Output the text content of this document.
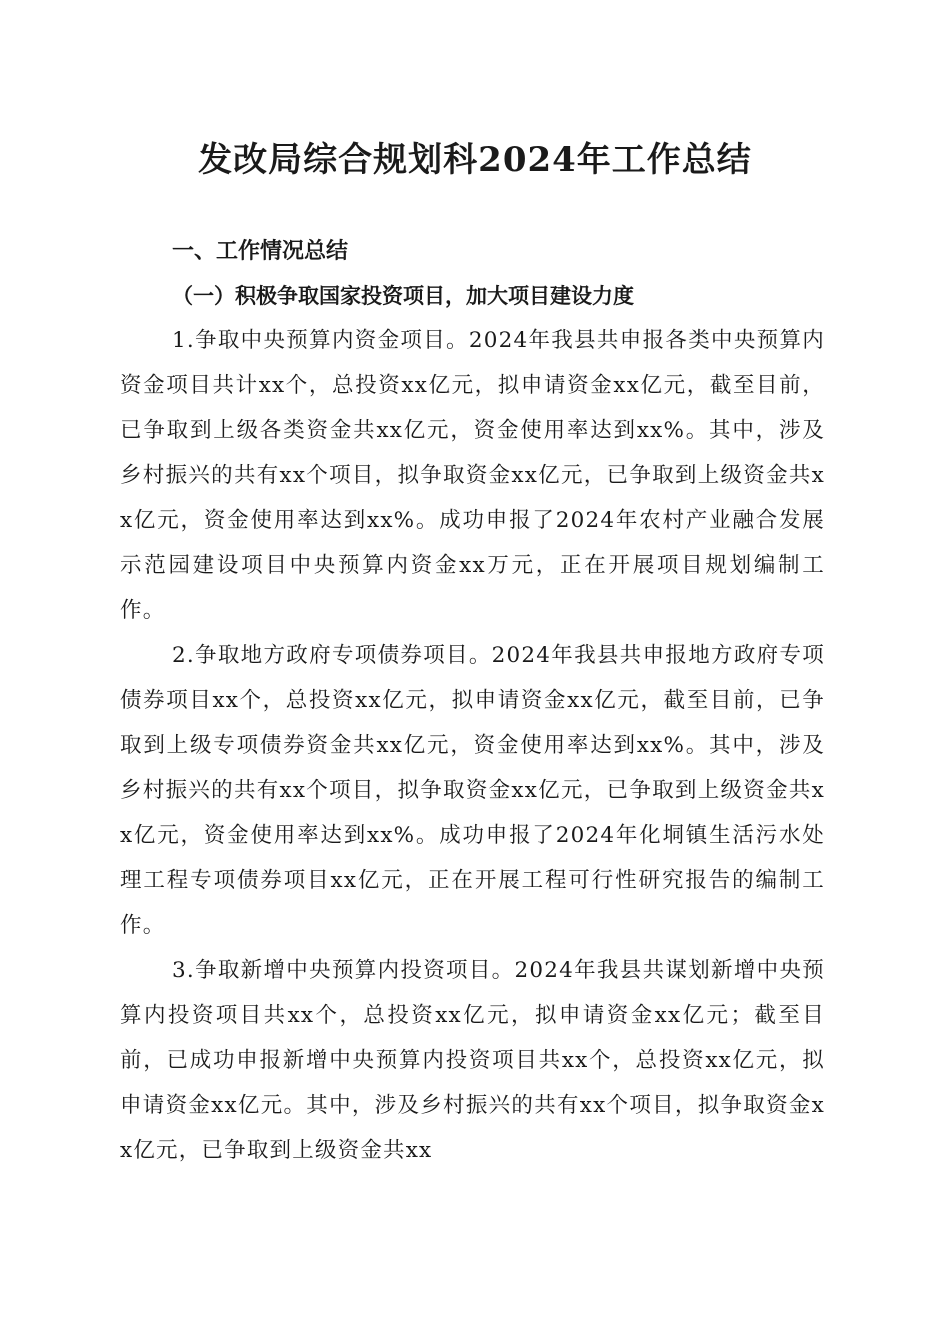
发改局综合规划科2024年工作总结

一、工作情况总结

（一）积极争取国家投资项目，加大项目建设力度

1.争取中央预算内资金项目。2024年我县共申报各类中央预算内资金项目共计xx个，总投资xx亿元，拟申请资金xx亿元，截至目前，已争取到上级各类资金共xx亿元，资金使用率达到xx%。其中，涉及乡村振兴的共有xx个项目，拟争取资金xx亿元，已争取到上级资金共xx亿元，资金使用率达到xx%。成功申报了2024年农村产业融合发展示范园建设项目中央预算内资金xx万元，正在开展项目规划编制工作。

2.争取地方政府专项债券项目。2024年我县共申报地方政府专项债券项目xx个，总投资xx亿元，拟申请资金xx亿元，截至目前，已争取到上级专项债券资金共xx亿元，资金使用率达到xx%。其中，涉及乡村振兴的共有xx个项目，拟争取资金xx亿元，已争取到上级资金共xx亿元，资金使用率达到xx%。成功申报了2024年化垌镇生活污水处理工程专项债券项目xx亿元，正在开展工程可行性研究报告的编制工作。

3.争取新增中央预算内投资项目。2024年我县共谋划新增中央预算内投资项目共xx个，总投资xx亿元，拟申请资金xx亿元；截至目前，已成功申报新增中央预算内投资项目共xx个，总投资xx亿元，拟申请资金xx亿元。其中，涉及乡村振兴的共有xx个项目，拟争取资金xx亿元，已争取到上级资金共xx
